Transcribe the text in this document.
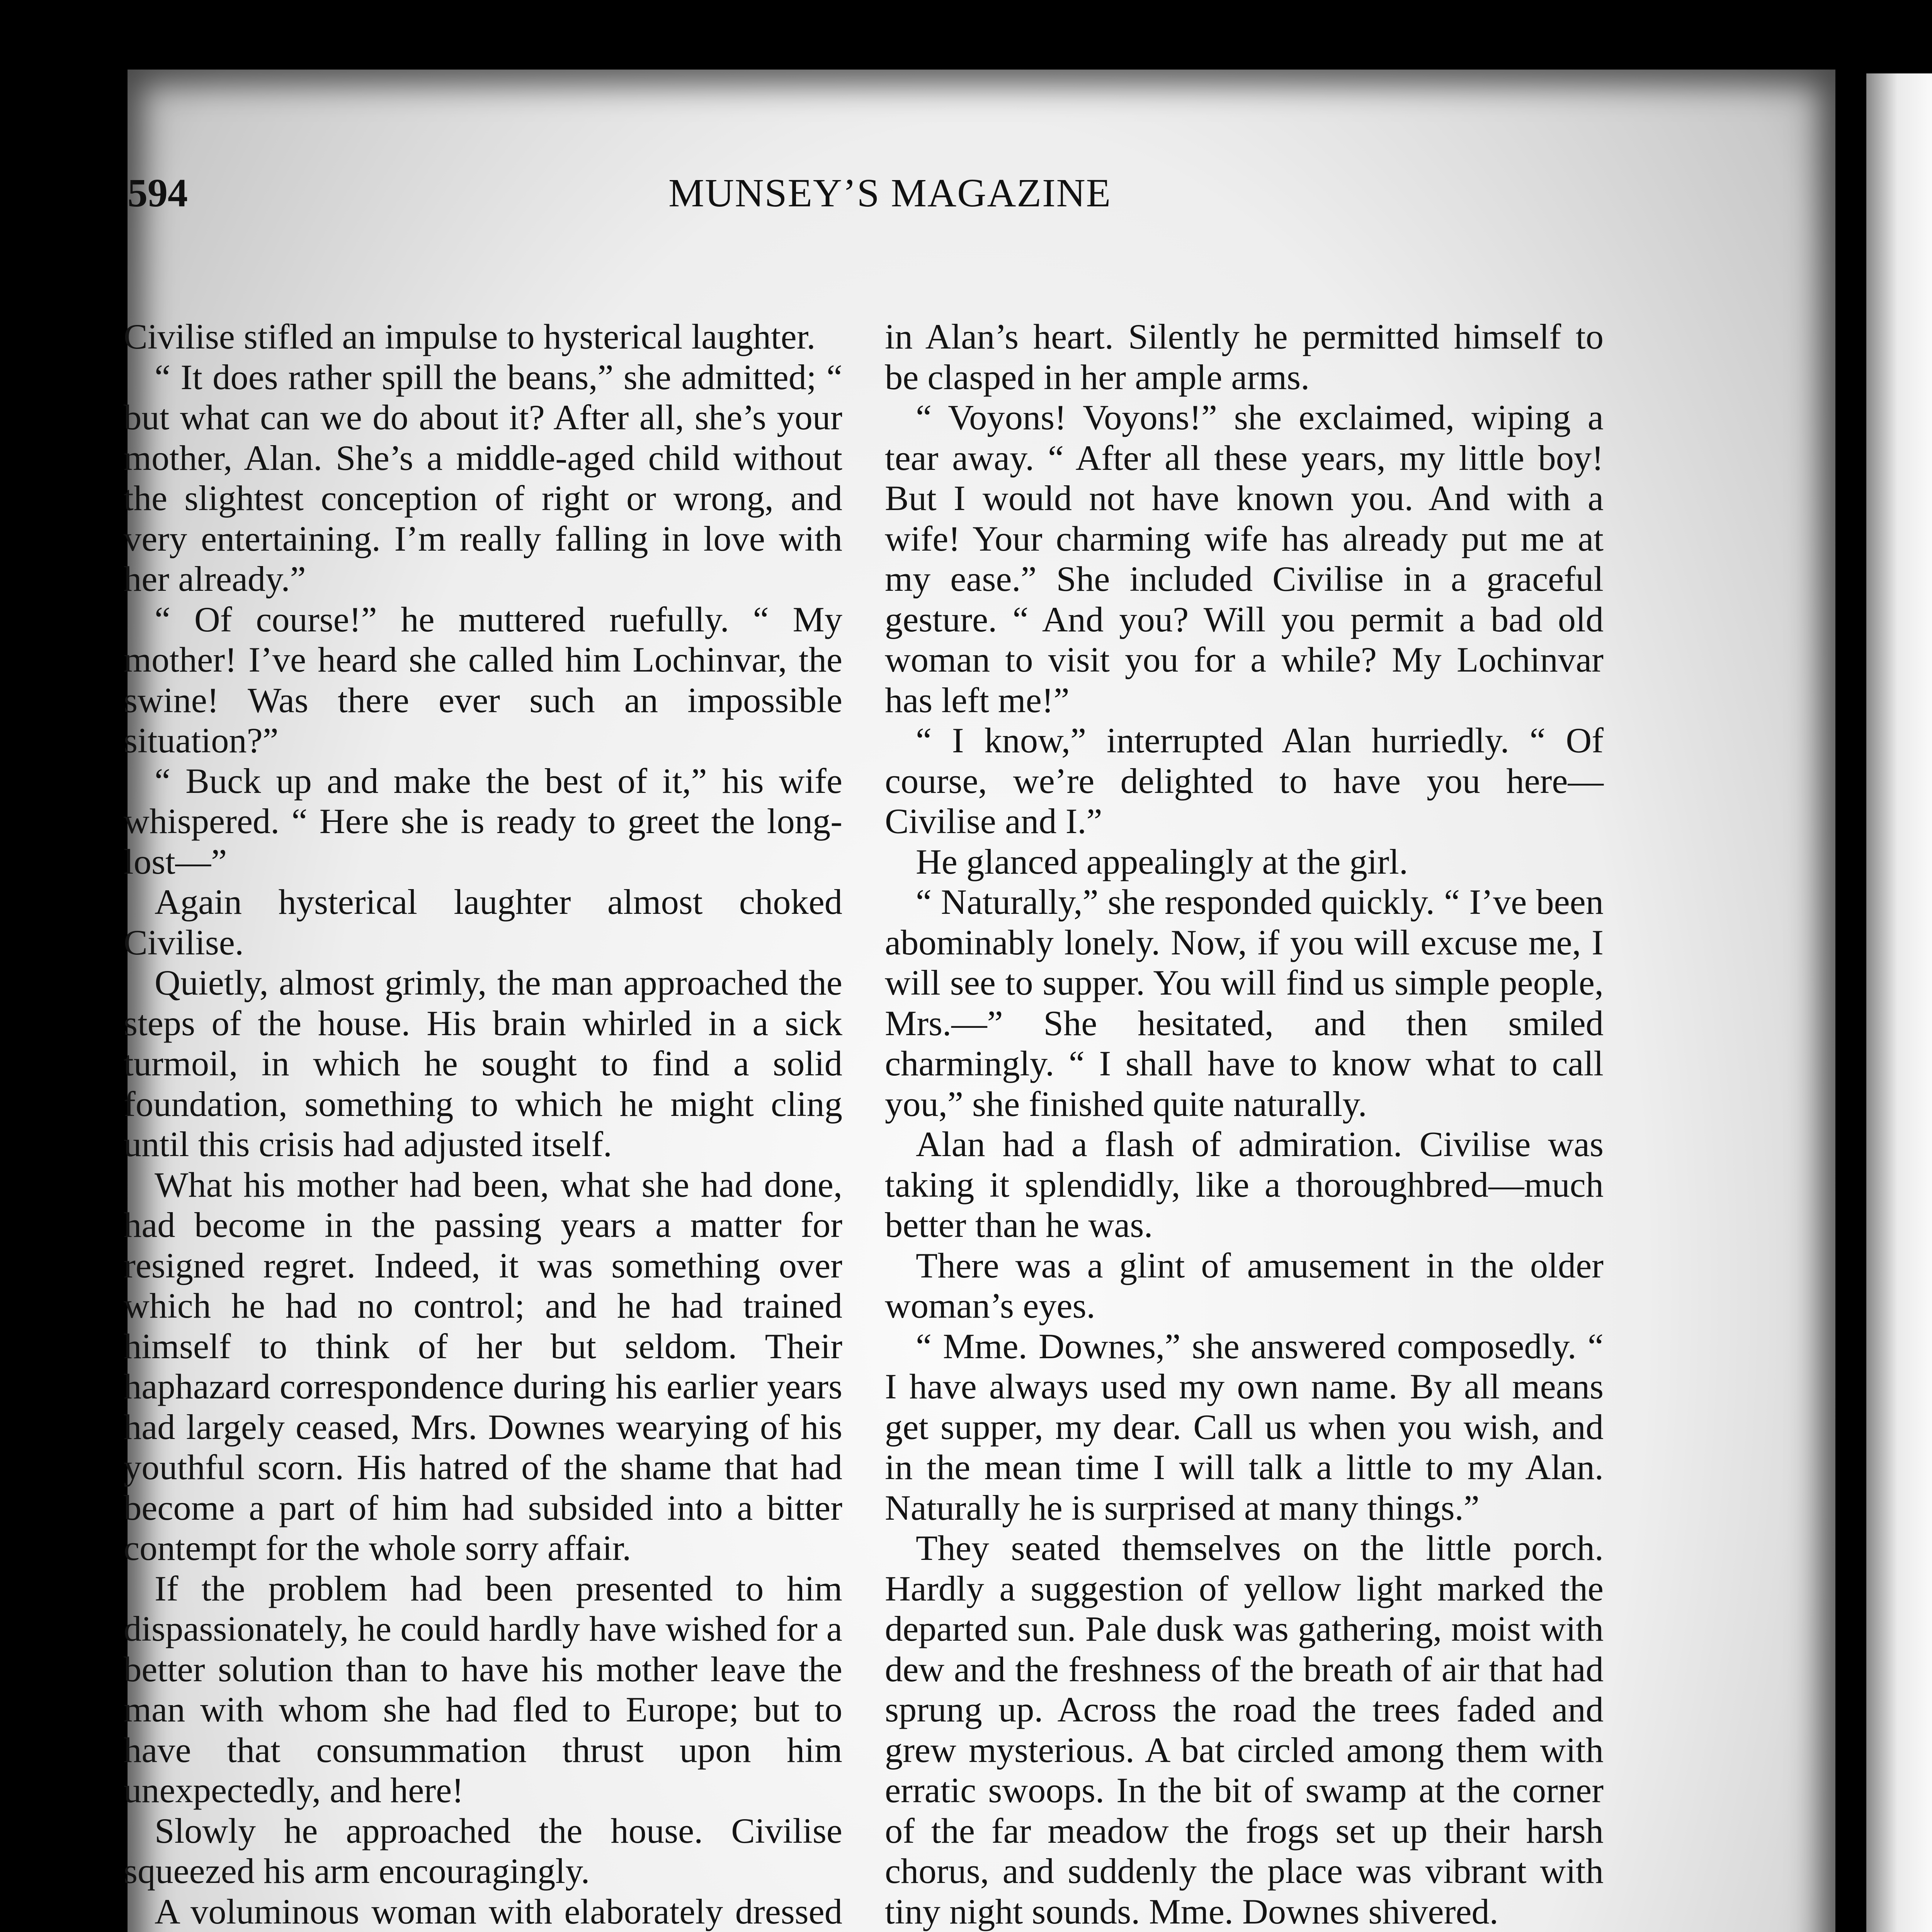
594	MUNSEY’S MAGAZINE

Civilise stifled an impulse to hysterical laughter.

“ It does rather spill the beans,” she admitted; “ but what can we do about it? After all, she’s your mother, Alan. She’s a middle-aged child without the slightest conception of right or wrong, and very entertaining. I’m really falling in love with her already.”

“ Of course!” he muttered ruefully. “ My mother! I’ve heard she called him Lochinvar, the swine! Was there ever such an impossible situation?”

“ Buck up and make the best of it,” his wife whispered. “ Here she is ready to greet the long-lost—”

Again hysterical laughter almost choked Civilise.

Quietly, almost grimly, the man approached the steps of the house. His brain whirled in a sick turmoil, in which he sought to find a solid foundation, something to which he might cling until this crisis had adjusted itself.

What his mother had been, what she had done, had become in the passing years a matter for resigned regret. Indeed, it was something over which he had no control; and he had trained himself to think of her but seldom. Their haphazard correspondence during his earlier years had largely ceased, Mrs. Downes wearying of his youthful scorn. His hatred of the shame that had become a part of him had subsided into a bitter contempt for the whole sorry affair.

If the problem had been presented to him dispassionately, he could hardly have wished for a better solution than to have his mother leave the man with whom she had fled to Europe; but to have that consummation thrust upon him unexpectedly, and here!

Slowly he approached the house. Civilise squeezed his arm encouragingly.

A voluminous woman with elaborately dressed

in Alan’s heart. Silently he permitted himself to be clasped in her ample arms.

“ Voyons! Voyons!” she exclaimed, wiping a tear away. “ After all these years, my little boy! But I would not have known you. And with a wife! Your charming wife has already put me at my ease.” She included Civilise in a graceful gesture. “ And you? Will you permit a bad old woman to visit you for a while? My Lochinvar has left me!”

“ I know,” interrupted Alan hurriedly. “ Of course, we’re delighted to have you here—Civilise and I.”

He glanced appealingly at the girl.

“ Naturally,” she responded quickly. “ I’ve been abominably lonely. Now, if you will excuse me, I will see to supper. You will find us simple people, Mrs.—” She hesitated, and then smiled charmingly. “ I shall have to know what to call you,” she finished quite naturally.

Alan had a flash of admiration. Civilise was taking it splendidly, like a thoroughbred—much better than he was.

There was a glint of amusement in the older woman’s eyes.

“ Mme. Downes,” she answered composedly. “ I have always used my own name. By all means get supper, my dear. Call us when you wish, and in the mean time I will talk a little to my Alan. Naturally he is surprised at many things.”

They seated themselves on the little porch. Hardly a suggestion of yellow light marked the departed sun. Pale dusk was gathering, moist with dew and the freshness of the breath of air that had sprung up. Across the road the trees faded and grew mysterious. A bat circled among them with erratic swoops. In the bit of swamp at the corner of the far meadow the frogs set up their harsh chorus, and suddenly the place was vibrant with tiny night sounds. Mme. Downes shivered.
